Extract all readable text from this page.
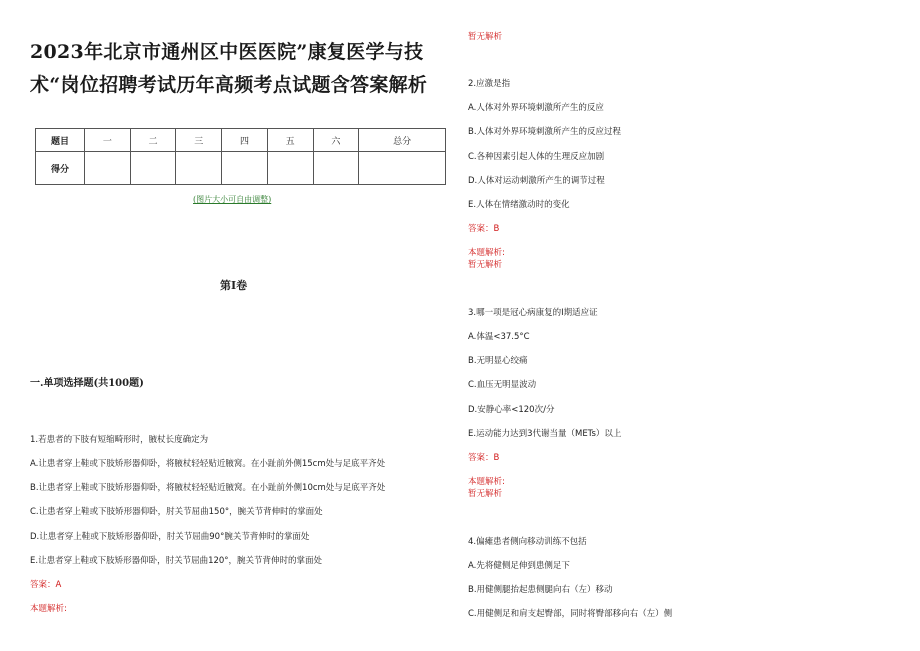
2023年北京市通州区中医医院”康复医学与技
术“岗位招聘考试历年高频考点试题含答案解析
题目	一	二	三	四	五	六	总分
得分							
(图片大小可自由调整)
第Ⅰ卷
一.单项选择题(共100题)
1.若患者的下肢有短缩畸形时，腋杖长度确定为
A.让患者穿上鞋或下肢矫形器仰卧，将腋杖轻轻贴近腋窝。在小趾前外侧15cm处与足底平齐处
B.让患者穿上鞋或下肢矫形器仰卧，将腋杖轻轻贴近腋窝。在小趾前外侧10cm处与足底平齐处
C.让患者穿上鞋或下肢矫形器仰卧，肘关节屈曲150°，腕关节背伸时的掌面处
D.让患者穿上鞋或下肢矫形器仰卧，肘关节屈曲90°腕关节背伸时的掌面处
E.让患者穿上鞋或下肢矫形器仰卧，肘关节屈曲120°，腕关节背伸时的掌面处
答案：A
本题解析:
暂无解析
2.应激是指
A.人体对外界环境刺激所产生的反应
B.人体对外界环境刺激所产生的反应过程
C.各种因素引起人体的生理反应加剧
D.人体对运动刺激所产生的调节过程
E.人体在情绪激动时的变化
答案：B
本题解析:
暂无解析
3.哪一项是冠心病康复的Ⅰ期适应证
A.体温<37.5°C
B.无明显心绞痛
C.血压无明显波动
D.安静心率<120次/分
E.运动能力达到3代谢当量（METs）以上
答案：B
本题解析:
暂无解析
4.偏瘫患者侧向移动训练不包括
A.先将健侧足伸到患侧足下
B.用健侧腿抬起患侧腿向右（左）移动
C.用健侧足和肩支起臀部，同时将臀部移向右（左）侧
